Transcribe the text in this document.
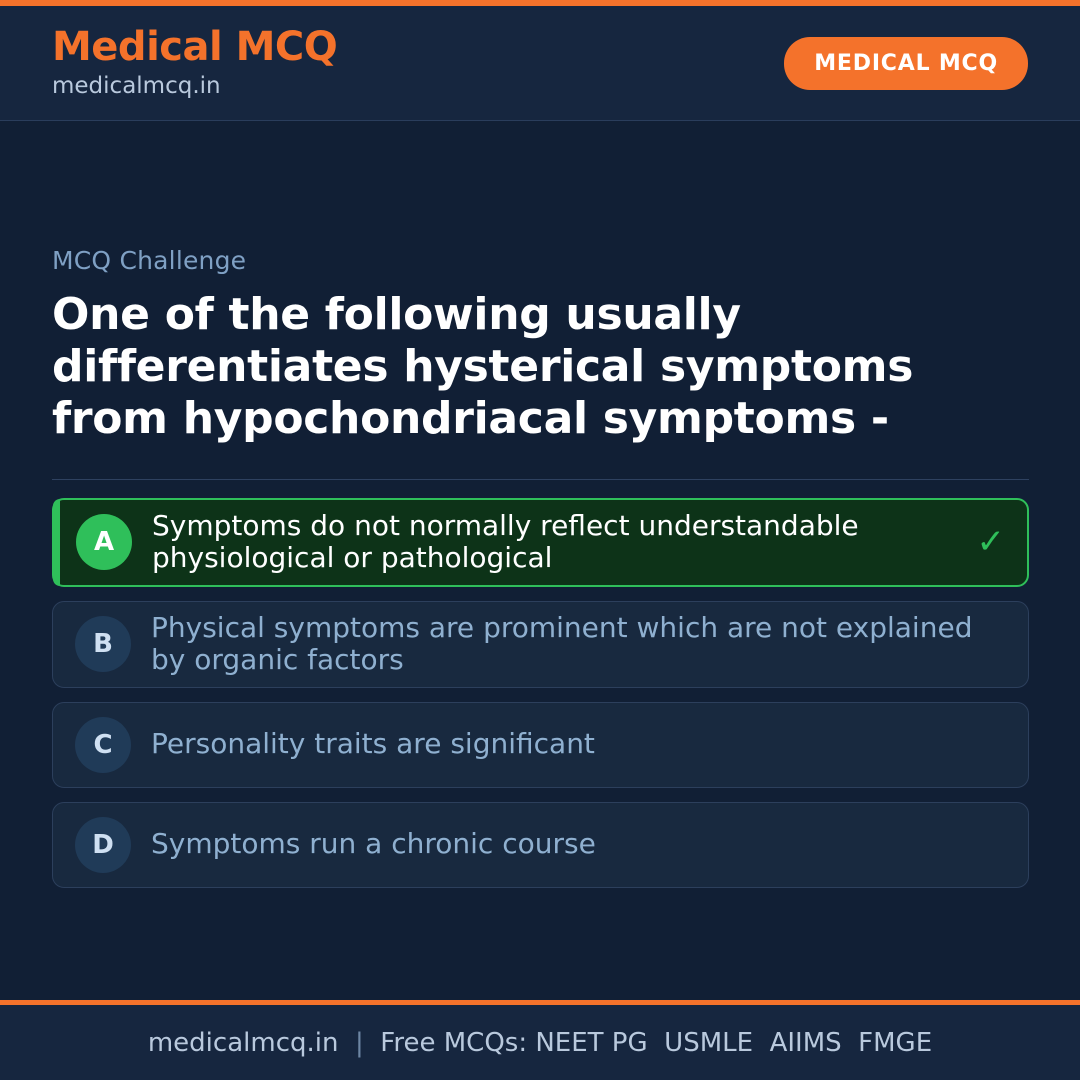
Medical MCQ
medicalmcq.in
MEDICAL MCQ
MCQ Challenge
One of the following usually differentiates hysterical symptoms from hypochondriacal symptoms -
A
Symptoms do not normally reflect understandable physiological or pathological	✓
B
Physical symptoms are prominent which are not explained by organic factors
C	Personality traits are significant
D	Symptoms run a chronic course
medicalmcq.in | Free MCQs:
NEET PG  USMLE  AIIMS  FMGE
